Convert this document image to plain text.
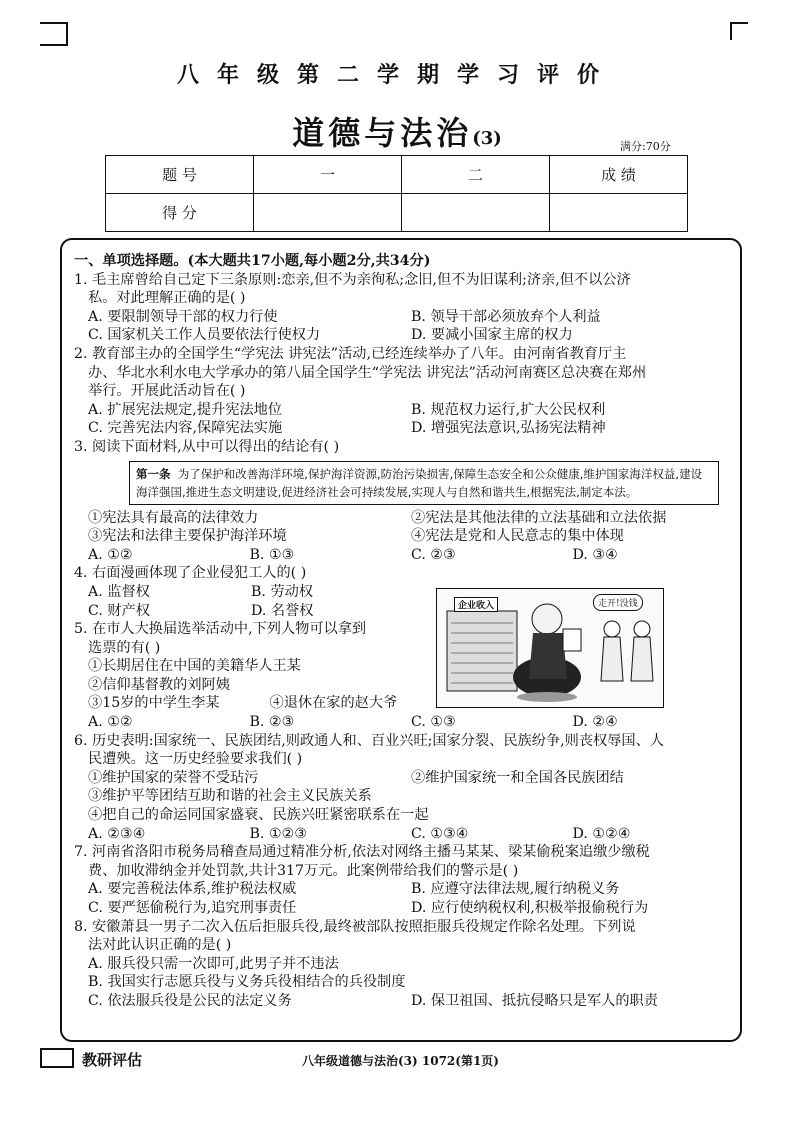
八年级第二学期学习评价
道德与法治(3)	满分:70分
题 号	一	二	成 绩
得 分			

一、单项选择题。(本大题共17小题,每小题2分,共34分)

1. 毛主席曾给自己定下三条原则:恋亲,但不为亲徇私;念旧,但不为旧谋利;济亲,但不以公济

私。对此理解正确的是( )

A. 要限制领导干部的权力行使	B. 领导干部必须放弃个人利益
C. 国家机关工作人员要依法行使权力	D. 要减小国家主席的权力

2. 教育部主办的全国学生“学宪法 讲宪法”活动,已经连续举办了八年。由河南省教育厅主

办、华北水利水电大学承办的第八届全国学生“学宪法 讲宪法”活动河南赛区总决赛在郑州

举行。开展此活动旨在( )

A. 扩展宪法规定,提升宪法地位	B. 规范权力运行,扩大公民权利
C. 完善宪法内容,保障宪法实施	D. 增强宪法意识,弘扬宪法精神

3. 阅读下面材料,从中可以得出的结论有( )

第一条 为了保护和改善海洋环境,保护海洋资源,防治污染损害,保障生态安全和公众健康,维护国家海洋权益,建设海洋强国,推进生态文明建设,促进经济社会可持续发展,实现人与自然和谐共生,根据宪法,制定本法。
①宪法具有最高的法律效力	②宪法是其他法律的立法基础和立法依据
③宪法和法律主要保护海洋环境	④宪法是党和人民意志的集中体现
A. ①②	B. ①③	C. ②③	D. ③④

4. 右面漫画体现了企业侵犯工人的( )

A. 监督权	B. 劳动权
C. 财产权	D. 名誉权

5. 在市人大换届选举活动中,下列人物可以拿到

选票的有( )

①长期居住在中国的美籍华人王某

②信仰基督教的刘阿姨

③15岁的中学生李某	④退休在家的赵大爷
A. ①②	B. ②③	C. ①③	D. ②④

6. 历史表明:国家统一、民族团结,则政通人和、百业兴旺;国家分裂、民族纷争,则丧权辱国、人

民遭殃。这一历史经验要求我们( )

①维护国家的荣誉不受玷污	②维护国家统一和全国各民族团结

③维护平等团结互助和谐的社会主义民族关系

④把自己的命运同国家盛衰、民族兴旺紧密联系在一起

A. ②③④	B. ①②③	C. ①③④	D. ①②④

7. 河南省洛阳市税务局稽查局通过精准分析,依法对网络主播马某某、梁某偷税案追缴少缴税

费、加收滞纳金并处罚款,共计317万元。此案例带给我们的警示是( )

A. 要完善税法体系,维护税法权威	B. 应遵守法律法规,履行纳税义务
C. 要严惩偷税行为,追究刑事责任	D. 应行使纳税权利,积极举报偷税行为

8. 安徽萧县一男子二次入伍后拒服兵役,最终被部队按照拒服兵役规定作除名处理。下列说

法对此认识正确的是( )

A. 服兵役只需一次即可,此男子并不违法

B. 我国实行志愿兵役与义务兵役相结合的兵役制度

C. 依法服兵役是公民的法定义务	D. 保卫祖国、抵抗侵略只是军人的职责
企业收入	走开!没钱
教研评估	八年级道德与法治(3) 1072(第1页)
